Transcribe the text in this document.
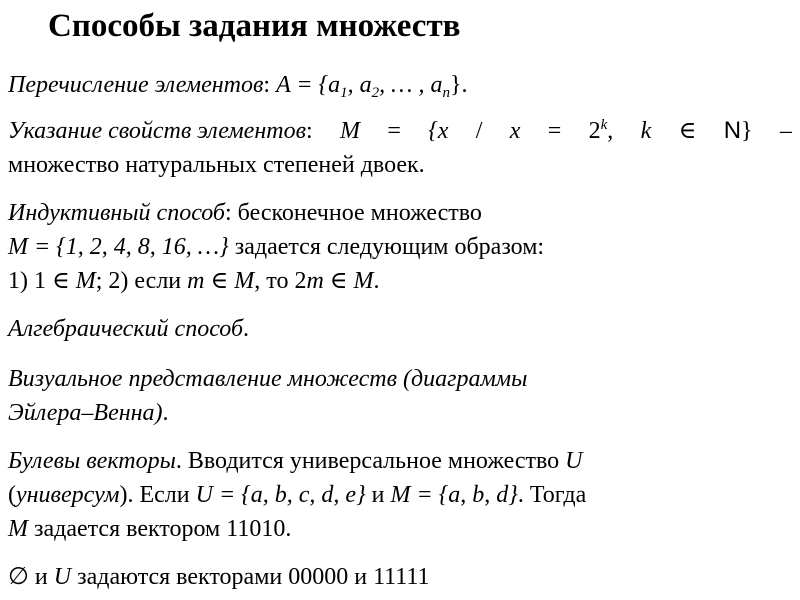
Способы задания множеств
Перечисление элементов: $A = \{a_1$, $a_2$, … , $a_n$}.
Указание свойств элементов: $M = \{x / x = 2^k$, k ∈ N} –
множество натуральных степеней двоек.
Индуктивный способ: бесконечное множество
M = {1, 2, 4, 8, 16, …} задается следующим образом:
1) 1 ∈ M; 2) если m ∈ M, то 2m ∈ M.
Алгебраический способ.
Визуальное представление множеств (диаграммы
Эйлера–Венна).
Булевы векторы. Вводится универсальное множество U
(универсум). Если U = {a, b, c, d, e} и M = {a, b, d}. Тогда
M задается вектором 11010.
∅ и U задаются векторами 00000 и 11111
